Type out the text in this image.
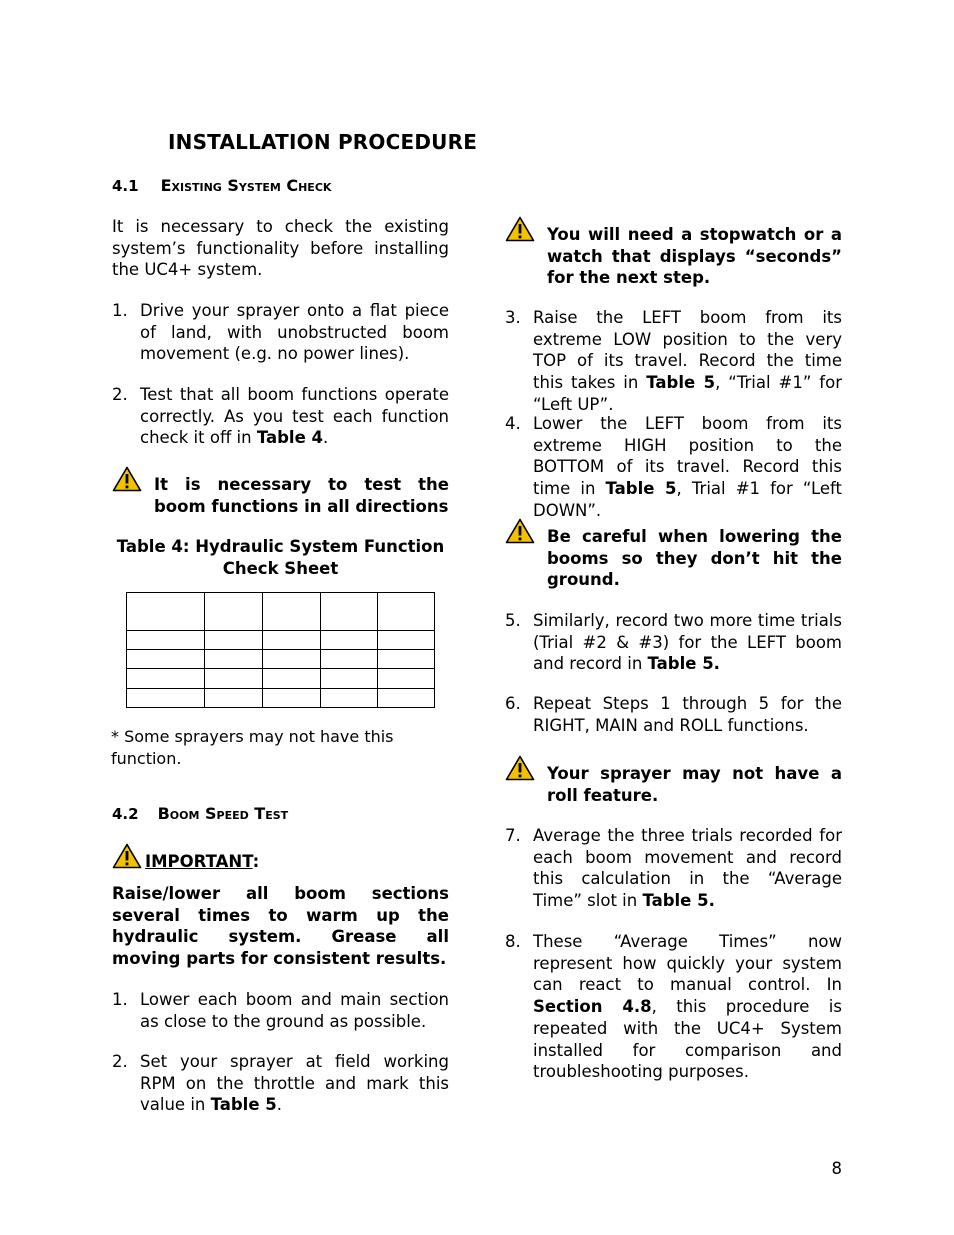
INSTALLATION PROCEDURE
4.1 Existing System Check
It is necessary to check the existing system’s functionality before installing the UC4+ system.
1. Drive your sprayer onto a flat piece of land, with unobstructed boom movement (e.g. no power lines).
2. Test that all boom functions operate correctly. As you test each function check it off in Table 4.
It is necessary to test the boom functions in all directions
Table 4: Hydraulic System Function Check Sheet

* Some sprayers may not have this function.
4.2 Boom Speed Test
IMPORTANT:
Raise/lower all boom sections several times to warm up the hydraulic system. Grease all moving parts for consistent results.
1. Lower each boom and main section as close to the ground as possible.
2. Set your sprayer at field working RPM on the throttle and mark this value in Table 5.
You will need a stopwatch or a watch that displays “seconds” for the next step.
3. Raise the LEFT boom from its extreme LOW position to the very TOP of its travel. Record the time this takes in Table 5, “Trial #1” for “Left UP”.
4. Lower the LEFT boom from its extreme HIGH position to the BOTTOM of its travel. Record this time in Table 5, Trial #1 for “Left DOWN”.
Be careful when lowering the booms so they don’t hit the ground.
5. Similarly, record two more time trials (Trial #2 & #3) for the LEFT boom and record in Table 5.
6. Repeat Steps 1 through 5 for the RIGHT, MAIN and ROLL functions.
Your sprayer may not have a roll feature.
7. Average the three trials recorded for each boom movement and record this calculation in the “Average Time” slot in Table 5.
8. These “Average Times” now represent how quickly your system can react to manual control. In Section 4.8, this procedure is repeated with the UC4+ System installed for comparison and troubleshooting purposes.
8
